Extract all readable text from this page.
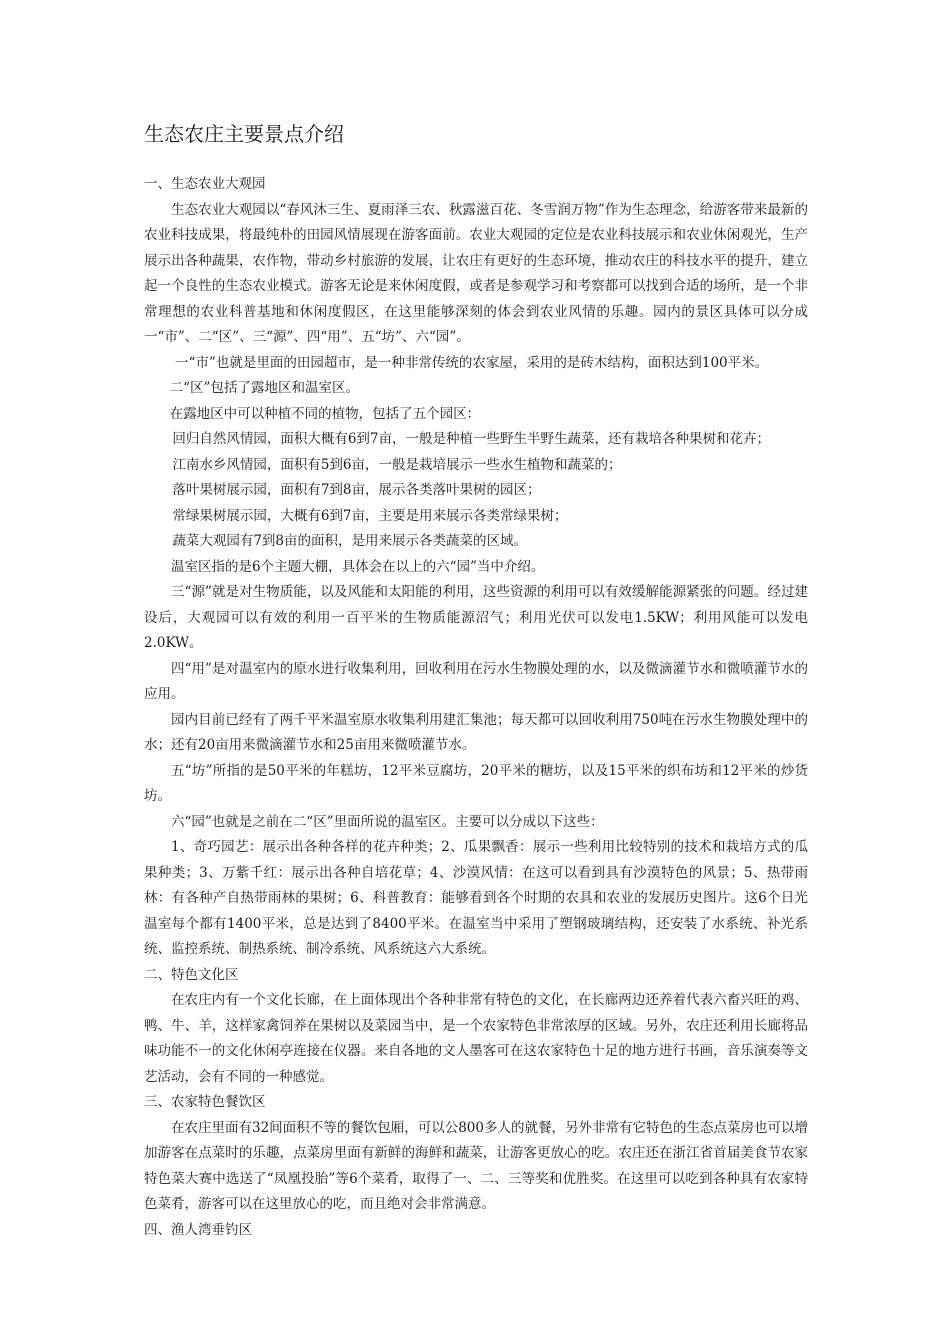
生态农庄主要景点介绍

一、生态农业大观园

生态农业大观园以“春风沐三生、夏雨泽三农、秋露滋百花、冬雪润万物”作为生态理念，给游客带来最新的农业科技成果，将最纯朴的田园风情展现在游客面前。农业大观园的定位是农业科技展示和农业休闲观光，生产展示出各种蔬果，农作物，带动乡村旅游的发展，让农庄有更好的生态环境，推动农庄的科技水平的提升，建立起一个良性的生态农业模式。游客无论是来休闲度假，或者是参观学习和考察都可以找到合适的场所，是一个非常理想的农业科普基地和休闲度假区，在这里能够深刻的体会到农业风情的乐趣。园内的景区具体可以分成一“市”、二“区”、三“源”、四“用”、五“坊”、六“园”。

一“市”也就是里面的田园超市，是一种非常传统的农家屋，采用的是砖木结构，面积达到100平米。

二“区”包括了露地区和温室区。

在露地区中可以种植不同的植物，包括了五个园区：

回归自然风情园，面积大概有6到7亩，一般是种植一些野生半野生蔬菜，还有栽培各种果树和花卉；

江南水乡风情园，面积有5到6亩，一般是栽培展示一些水生植物和蔬菜的；

落叶果树展示园，面积有7到8亩，展示各类落叶果树的园区；

常绿果树展示园，大概有6到7亩，主要是用来展示各类常绿果树；

蔬菜大观园有7到8亩的面积，是用来展示各类蔬菜的区域。

温室区指的是6个主题大棚，具体会在以上的六“园”当中介绍。

三“源”就是对生物质能，以及风能和太阳能的利用，这些资源的利用可以有效缓解能源紧张的问题。经过建设后，大观园可以有效的利用一百平米的生物质能源沼气；利用光伏可以发电1.5KW；利用风能可以发电2.0KW。

四“用”是对温室内的原水进行收集利用，回收利用在污水生物膜处理的水，以及微滴灌节水和微喷灌节水的应用。

园内目前已经有了两千平米温室原水收集利用建汇集池；每天都可以回收利用750吨在污水生物膜处理中的水；还有20亩用来微滴灌节水和25亩用来微喷灌节水。

五“坊”所指的是50平米的年糕坊，12平米豆腐坊，20平米的糖坊，以及15平米的织布坊和12平米的炒货坊。

六“园”也就是之前在二“区”里面所说的温室区。主要可以分成以下这些：

1、奇巧园艺：展示出各种各样的花卉种类；2、瓜果飘香：展示一些利用比较特别的技术和栽培方式的瓜果种类；3、万紫千红：展示出各种自培花草；4、沙漠风情：在这可以看到具有沙漠特色的风景；5、热带雨林：有各种产自热带雨林的果树；6、科普教育：能够看到各个时期的农具和农业的发展历史图片。这6个日光温室每个都有1400平米，总是达到了8400平米。在温室当中采用了塑钢玻璃结构，还安装了水系统、补光系统、监控系统、制热系统、制冷系统、风系统这六大系统。

二、特色文化区

在农庄内有一个文化长廊，在上面体现出个各种非常有特色的文化，在长廊两边还养着代表六畜兴旺的鸡、鸭、牛、羊，这样家禽饲养在果树以及菜园当中，是一个农家特色非常浓厚的区域。另外，农庄还利用长廊将品味功能不一的文化休闲亭连接在仪器。来自各地的文人墨客可在这农家特色十足的地方进行书画，音乐演奏等文艺活动，会有不同的一种感觉。

三、农家特色餐饮区

在农庄里面有32间面积不等的餐饮包厢，可以公800多人的就餐，另外非常有它特色的生态点菜房也可以增加游客在点菜时的乐趣，点菜房里面有新鲜的海鲜和蔬菜，让游客更放心的吃。农庄还在浙江省首届美食节农家特色菜大赛中选送了“凤凰投胎”等6个菜肴，取得了一、二、三等奖和优胜奖。在这里可以吃到各种具有农家特色菜肴，游客可以在这里放心的吃，而且绝对会非常满意。

四、渔人湾垂钓区
